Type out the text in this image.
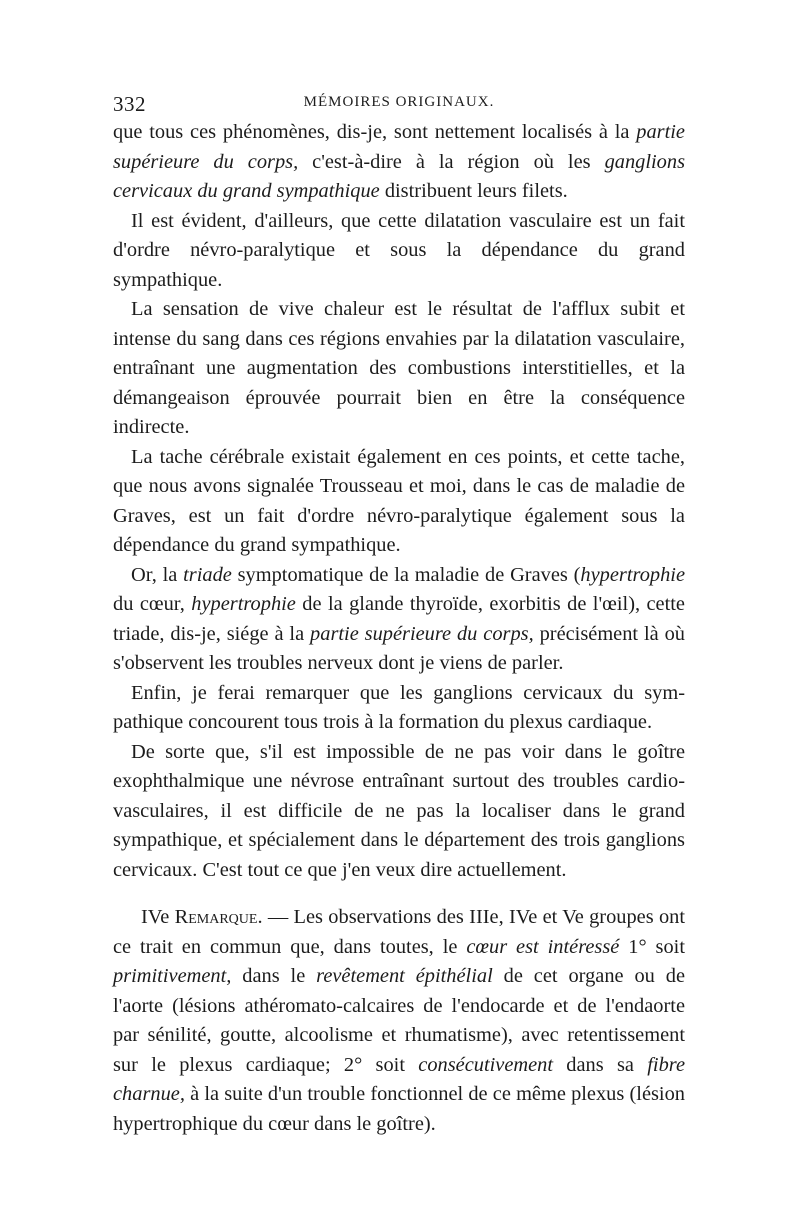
332	MÉMOIRES ORIGINAUX.

que tous ces phénomènes, dis-je, sont nettement localisés à la partie supérieure du corps, c'est-à-dire à la région où les ganglions cervicaux du grand sympathique distribuent leurs filets.

Il est évident, d'ailleurs, que cette dilatation vasculaire est un fait d'ordre névro-paralytique et sous la dépendance du grand sympathique.

La sensation de vive chaleur est le résultat de l'afflux subit et intense du sang dans ces régions envahies par la dilatation vasculaire, entraînant une augmentation des combustions interstitielles, et la démangeaison éprouvée pourrait bien en être la conséquence indirecte.

La tache cérébrale existait également en ces points, et cette tache, que nous avons signalée Trousseau et moi, dans le cas de maladie de Graves, est un fait d'ordre névro-paralytique également sous la dépendance du grand sympathique.

Or, la triade symptomatique de la maladie de Graves (hypertrophie du cœur, hypertrophie de la glande thyroïde, exorbitis de l'œil), cette triade, dis-je, siége à la partie supérieure du corps, précisément là où s'observent les troubles nerveux dont je viens de parler.

Enfin, je ferai remarquer que les ganglions cervicaux du sympathique concourent tous trois à la formation du plexus cardiaque.

De sorte que, s'il est impossible de ne pas voir dans le goître exophthalmique une névrose entraînant surtout des troubles cardio-vasculaires, il est difficile de ne pas la localiser dans le grand sympathique, et spécialement dans le département des trois ganglions cervicaux. C'est tout ce que j'en veux dire actuellement.

IVe Remarque. — Les observations des IIIe, IVe et Ve groupes ont ce trait en commun que, dans toutes, le cœur est intéressé 1° soit primitivement, dans le revêtement épithélial de cet organe ou de l'aorte (lésions athéromato-calcaires de l'endocarde et de l'endaorte par sénilité, goutte, alcoolisme et rhumatisme), avec retentissement sur le plexus cardiaque; 2° soit consécutivement dans sa fibre charnue, à la suite d'un trouble fonctionnel de ce même plexus (lésion hypertrophique du cœur dans le goître).
